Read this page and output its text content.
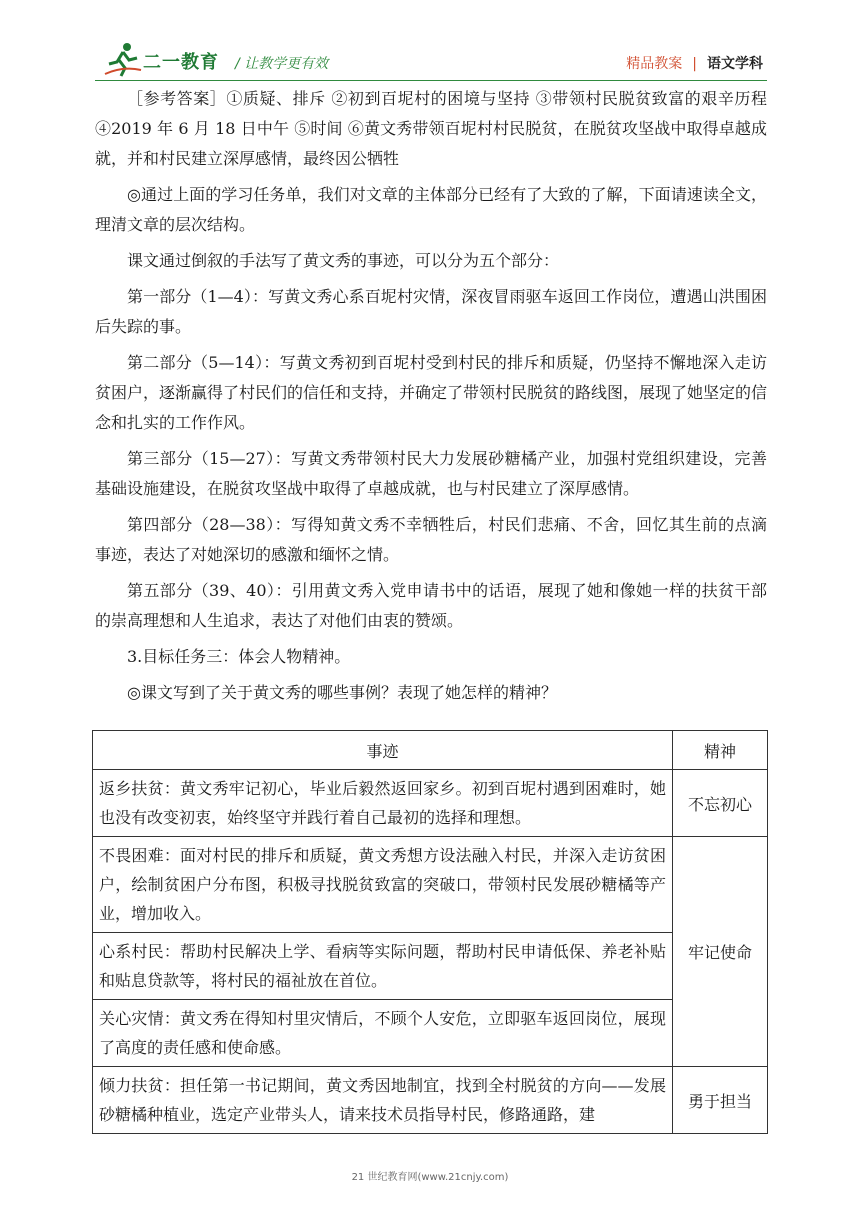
二一教育 / 让教学更有效	精品教案 | 语文学科

［参考答案］①质疑、排斥 ②初到百坭村的困境与坚持 ③带领村民脱贫致富的艰辛历程 ④2019 年 6 月 18 日中午 ⑤时间 ⑥黄文秀带领百坭村村民脱贫，在脱贫攻坚战中取得卓越成就，并和村民建立深厚感情，最终因公牺牲

◎通过上面的学习任务单，我们对文章的主体部分已经有了大致的了解，下面请速读全文，理清文章的层次结构。

课文通过倒叙的手法写了黄文秀的事迹，可以分为五个部分：

第一部分（1—4）：写黄文秀心系百坭村灾情，深夜冒雨驱车返回工作岗位，遭遇山洪围困后失踪的事。

第二部分（5—14）：写黄文秀初到百坭村受到村民的排斥和质疑，仍坚持不懈地深入走访贫困户，逐渐赢得了村民们的信任和支持，并确定了带领村民脱贫的路线图，展现了她坚定的信念和扎实的工作作风。

第三部分（15—27）：写黄文秀带领村民大力发展砂糖橘产业，加强村党组织建设，完善基础设施建设，在脱贫攻坚战中取得了卓越成就，也与村民建立了深厚感情。

第四部分（28—38）：写得知黄文秀不幸牺牲后，村民们悲痛、不舍，回忆其生前的点滴事迹，表达了对她深切的感激和缅怀之情。

第五部分（39、40）：引用黄文秀入党申请书中的话语，展现了她和像她一样的扶贫干部的崇高理想和人生追求，表达了对他们由衷的赞颂。

3.目标任务三：体会人物精神。

◎课文写到了关于黄文秀的哪些事例？表现了她怎样的精神？

事迹	精神
返乡扶贫：黄文秀牢记初心，毕业后毅然返回家乡。初到百坭村遇到困难时，她也没有改变初衷，始终坚守并践行着自己最初的选择和理想。	不忘初心
不畏困难：面对村民的排斥和质疑，黄文秀想方设法融入村民，并深入走访贫困户，绘制贫困户分布图，积极寻找脱贫致富的突破口，带领村民发展砂糖橘等产业，增加收入。	牢记使命
心系村民：帮助村民解决上学、看病等实际问题，帮助村民申请低保、养老补贴和贴息贷款等，将村民的福祉放在首位。	
关心灾情：黄文秀在得知村里灾情后，不顾个人安危，立即驱车返回岗位，展现了高度的责任感和使命感。	
倾力扶贫：担任第一书记期间，黄文秀因地制宜，找到全村脱贫的方向——发展砂糖橘种植业，选定产业带头人，请来技术员指导村民，修路通路，建	勇于担当
21 世纪教育网(www.21cnjy.com)
